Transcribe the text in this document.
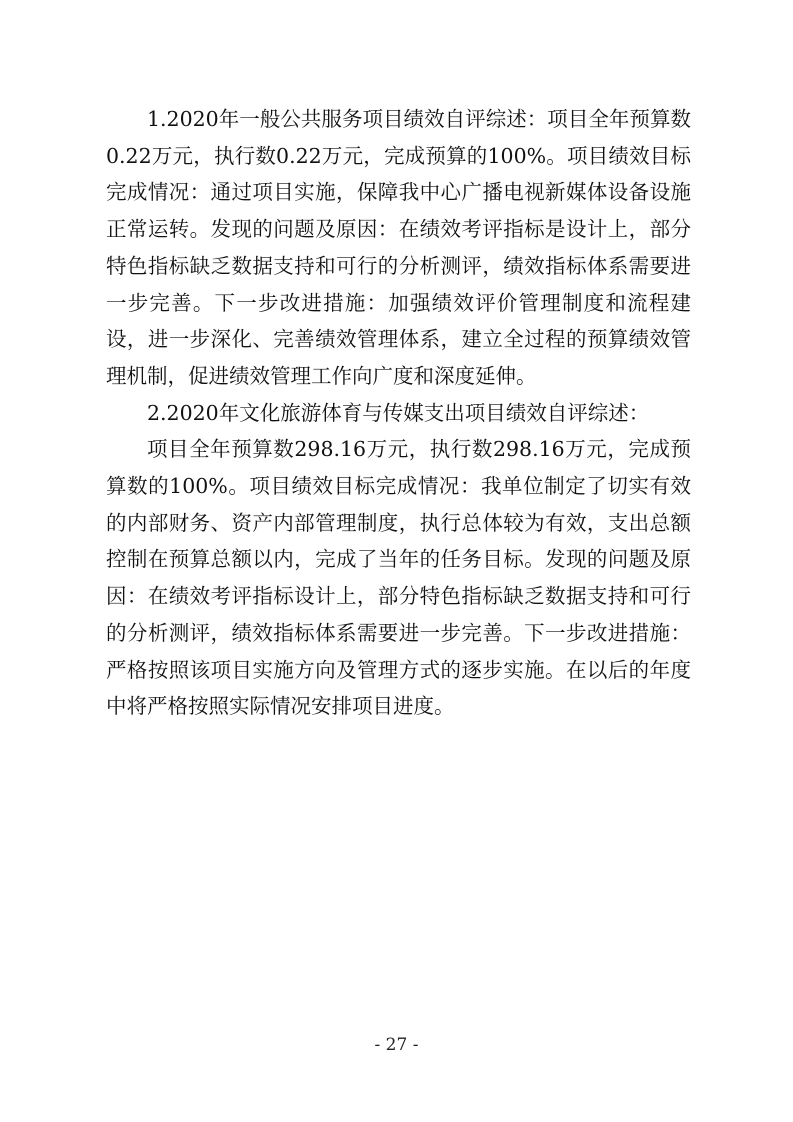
1.2020年一般公共服务项目绩效自评综述：项目全年预算数0.22万元，执行数0.22万元，完成预算的100%。项目绩效目标完成情况：通过项目实施，保障我中心广播电视新媒体设备设施正常运转。发现的问题及原因：在绩效考评指标是设计上，部分特色指标缺乏数据支持和可行的分析测评，绩效指标体系需要进一步完善。下一步改进措施：加强绩效评价管理制度和流程建设，进一步深化、完善绩效管理体系，建立全过程的预算绩效管理机制，促进绩效管理工作向广度和深度延伸。

2.2020年文化旅游体育与传媒支出项目绩效自评综述：

项目全年预算数298.16万元，执行数298.16万元，完成预算数的100%。项目绩效目标完成情况：我单位制定了切实有效的内部财务、资产内部管理制度，执行总体较为有效，支出总额控制在预算总额以内，完成了当年的任务目标。发现的问题及原因：在绩效考评指标设计上，部分特色指标缺乏数据支持和可行的分析测评，绩效指标体系需要进一步完善。下一步改进措施：严格按照该项目实施方向及管理方式的逐步实施。在以后的年度中将严格按照实际情况安排项目进度。

- 27 -
